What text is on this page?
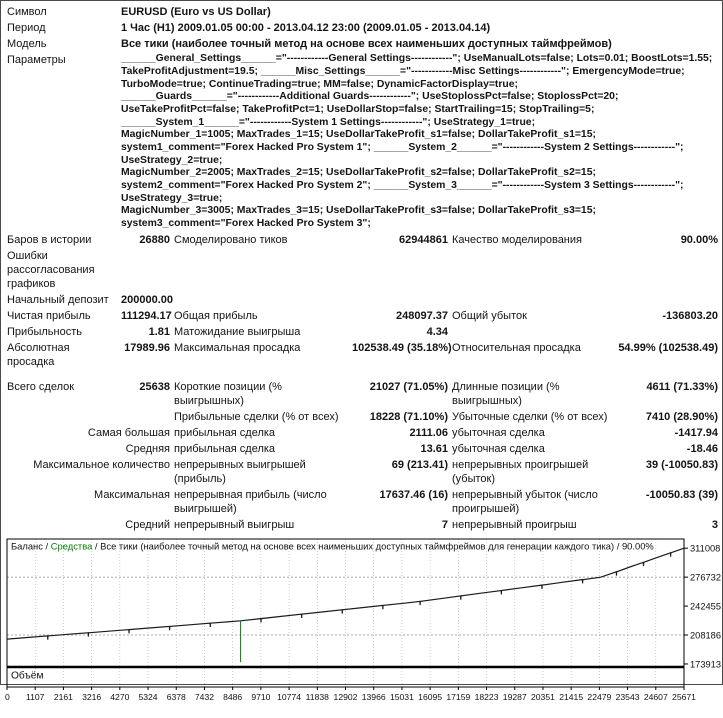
Символ	EURUSD (Euro vs US Dollar)				
Период	1 Час (H1) 2009.01.05 00:00 - 2013.04.12 23:00 (2009.01.05 - 2013.04.14)				
Модель	Все тики (наиболее точный метод на основе всех наименьших доступных таймфреймов)				
Параметры	______General_Settings______="------------General Settings------------"; UseManualLots=false; Lots=0.01; BoostLots=1.55;
TakeProfitAdjustment=19.5; ______Misc_Settings______="------------Misc Settings------------"; EmergencyMode=true;
TurboMode=true; ContinueTrading=true; MM=false; DynamicFactorDisplay=true;
______Guards______="------------Additional Guards------------"; UseStoplossPct=false; StoplossPct=20;
UseTakeProfitPct=false; TakeProfitPct=1; UseDollarStop=false; StartTrailing=15; StopTrailing=5;
______System_1______="------------System 1 Settings------------"; UseStrategy_1=true;
MagicNumber_1=1005; MaxTrades_1=15; UseDollarTakeProfit_s1=false; DollarTakeProfit_s1=15; system1_comment="Forex Hacked Pro System 1"; ______System_2______="------------System 2 Settings------------"; UseStrategy_2=true;
MagicNumber_2=2005; MaxTrades_2=15; UseDollarTakeProfit_s2=false; DollarTakeProfit_s2=15; system2_comment="Forex Hacked Pro System 2"; ______System_3______="------------System 3 Settings------------"; UseStrategy_3=true;
MagicNumber_3=3005; MaxTrades_3=15; UseDollarTakeProfit_s3=false; DollarTakeProfit_s3=15; system3_comment="Forex Hacked Pro System 3";

Баров в истории	26880	Смоделировано тиков	62944861	Качество моделирования	90.00%
Ошибки рассогласования графиков					
Начальный депозит	200000.00				
Чистая прибыль	111294.17	Общая прибыль	248097.37	Общий убыток	-136803.20
Прибыльность	1.81	Матожидание выигрыша	4.34		
Абсолютная просадка	17989.96	Максимальная просадка	102538.49 (35.18%)	Относительная просадка	54.99% (102538.49)

Всего сделок	25638	Короткие позиции (% выигрышных)	21027 (71.05%)	Длинные позиции (% выигрышных)	4611 (71.33%)
		Прибыльные сделки (% от всех)	18228 (71.10%)	Убыточные сделки (% от всех)	7410 (28.90%)
Самая большая		прибыльная сделка	2111.06	убыточная сделка	-1417.94
Средняя		прибыльная сделка	13.61	убыточная сделка	-18.46
Максимальное количество		непрерывных выигрышей (прибыль)	69 (213.41)	непрерывных проигрышей (убыток)	39 (-10050.83)
Максимальная		непрерывная прибыль (число выигрышей)	17637.46 (16)	непрерывный убыток (число проигрышей)	-10050.83 (39)
Средний		непрерывный выигрыш	7	непрерывный проигрыш	3
311008
276732
242455
208186
173913
0 1107 2161 3216 4270 5324 6378 7432 8486 9710 10774 11838 12902 13966 15031 16095 17159 18223 19287 20351 21415 22479 23543 24607 25671
Баланс / Средства / Все тики (наиболее точный метод на основе всех наименьших доступных таймфреймов для генерации каждого тика) / 90.00%
Объём
